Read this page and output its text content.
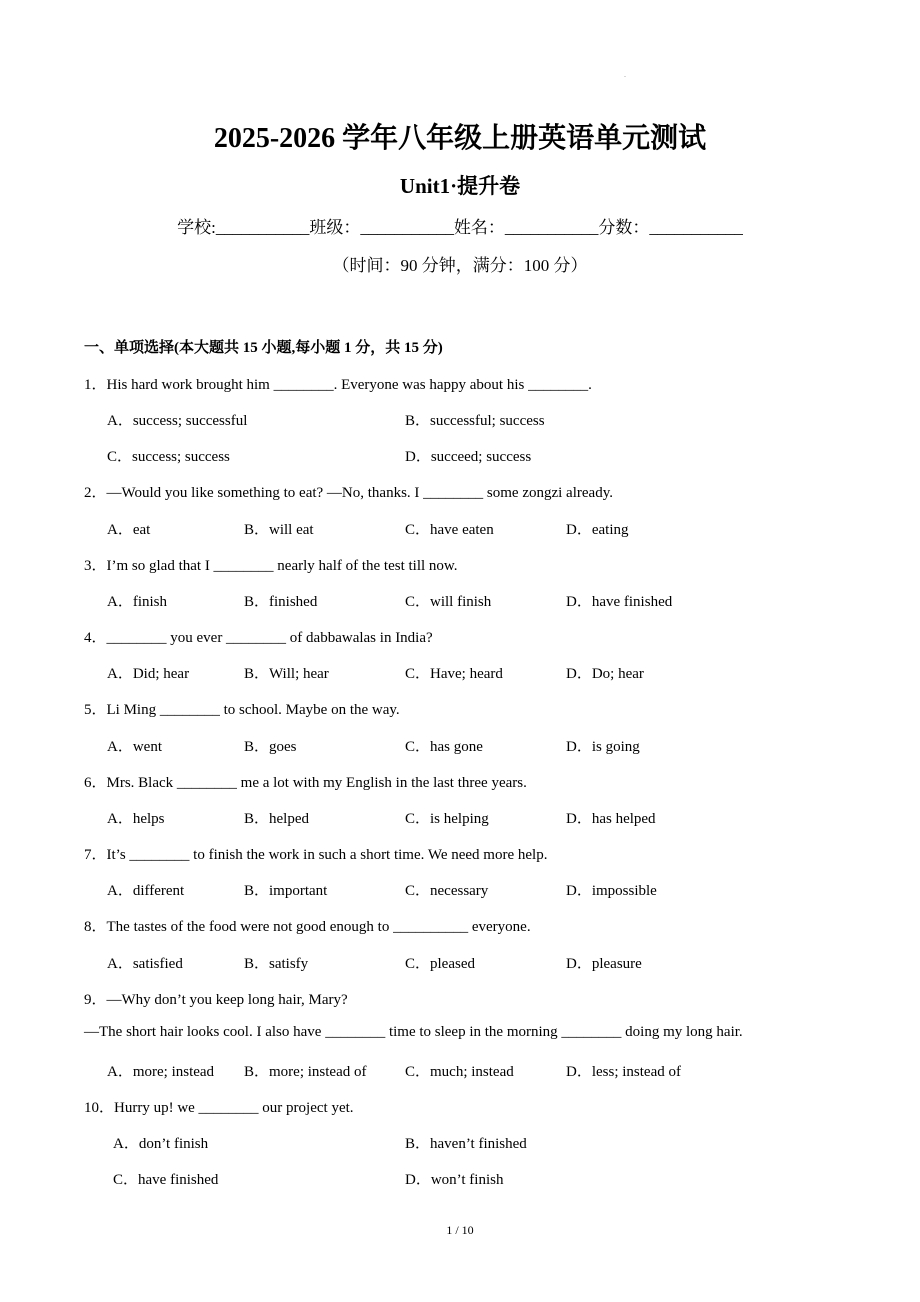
.
2025-2026 学年八年级上册英语单元测试
Unit1·提升卷
学校:___________班级：___________姓名：___________分数：___________
（时间：90 分钟，满分：100 分）
一、单项选择(本大题共 15 小题,每小题 1 分，共 15 分)
1．His hard work brought him ________. Everyone was happy about his ________.
A．success; successful	B．successful; success
C．success; success	D．succeed; success
2．—Would you like something to eat? —No, thanks. I ________ some zongzi already.
A．eat	B．will eat	C．have eaten	D．eating
3．I’m so glad that I ________ nearly half of the test till now.
A．finish	B．finished	C．will finish	D．have finished
4．________ you ever ________ of dabbawalas in India?
A．Did; hear	B．Will; hear	C．Have; heard	D．Do; hear
5．Li Ming ________ to school. Maybe on the way.
A．went	B．goes	C．has gone	D．is going
6．Mrs. Black ________ me a lot with my English in the last three years.
A．helps	B．helped	C．is helping	D．has helped
7．It’s ________ to finish the work in such a short time. We need more help.
A．different	B．important	C．necessary	D．impossible
8．The tastes of the food were not good enough to __________ everyone.
A．satisfied	B．satisfy	C．pleased	D．pleasure
9．—Why don’t you keep long hair, Mary?
—The short hair looks cool. I also have ________ time to sleep in the morning ________ doing my long hair.
A．more; instead B．more; instead of	C．much; instead	D．less; instead of
10．Hurry up! we ________ our project yet.
A．don’t finish	B．haven’t finished
C．have finished	D．won’t finish
1 / 10
